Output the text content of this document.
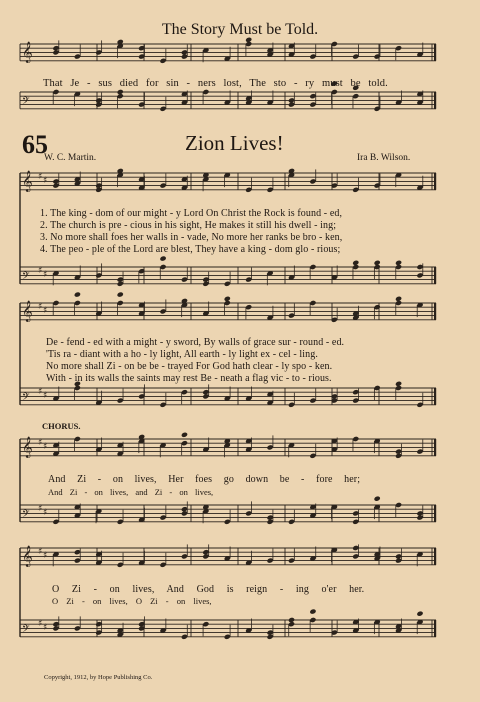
𝄞
𝄢
𝄞 ♯ ♯
𝄢 ♯ ♯
𝄞 ♯ ♯
𝄢 ♯ ♯
𝄞 ♯ ♯
𝄢 ♯ ♯
𝄞 ♯ ♯
𝄢 ♯ ♯
The Story Must be Told.
That Je - sus died for sin - ners lost, The sto - ry must be told.
65	Zion Lives!
W. C. Martin.	Ira B. Wilson.
1. The king - dom of our might - y Lord On Christ the Rock is found - ed,
2. The church is pre - cious in his sight, He makes it still his dwell - ing;
3. No more shall foes her walls in - vade, No more her ranks be bro - ken,
4. The peo - ple of the Lord are blest, They have a king - dom glo - rious;
De - fend - ed with a might - y sword, By walls of grace sur - round - ed.
'Tis ra - diant with a ho - ly light, All earth - ly light ex - cel - ling.
No more shall Zi - on be be - trayed For God hath clear - ly spo - ken.
With - in its walls the saints may rest Be - neath a flag vic - to - rious.
CHORUS.
And Zi - on lives, Her foes go down be - fore her;
And Zi - on lives, and Zi - on lives,
O Zi - on lives, And God is reign - ing o'er her.
O Zi - on lives, O Zi - on lives,
Copyright, 1912, by Hope Publishing Co.
